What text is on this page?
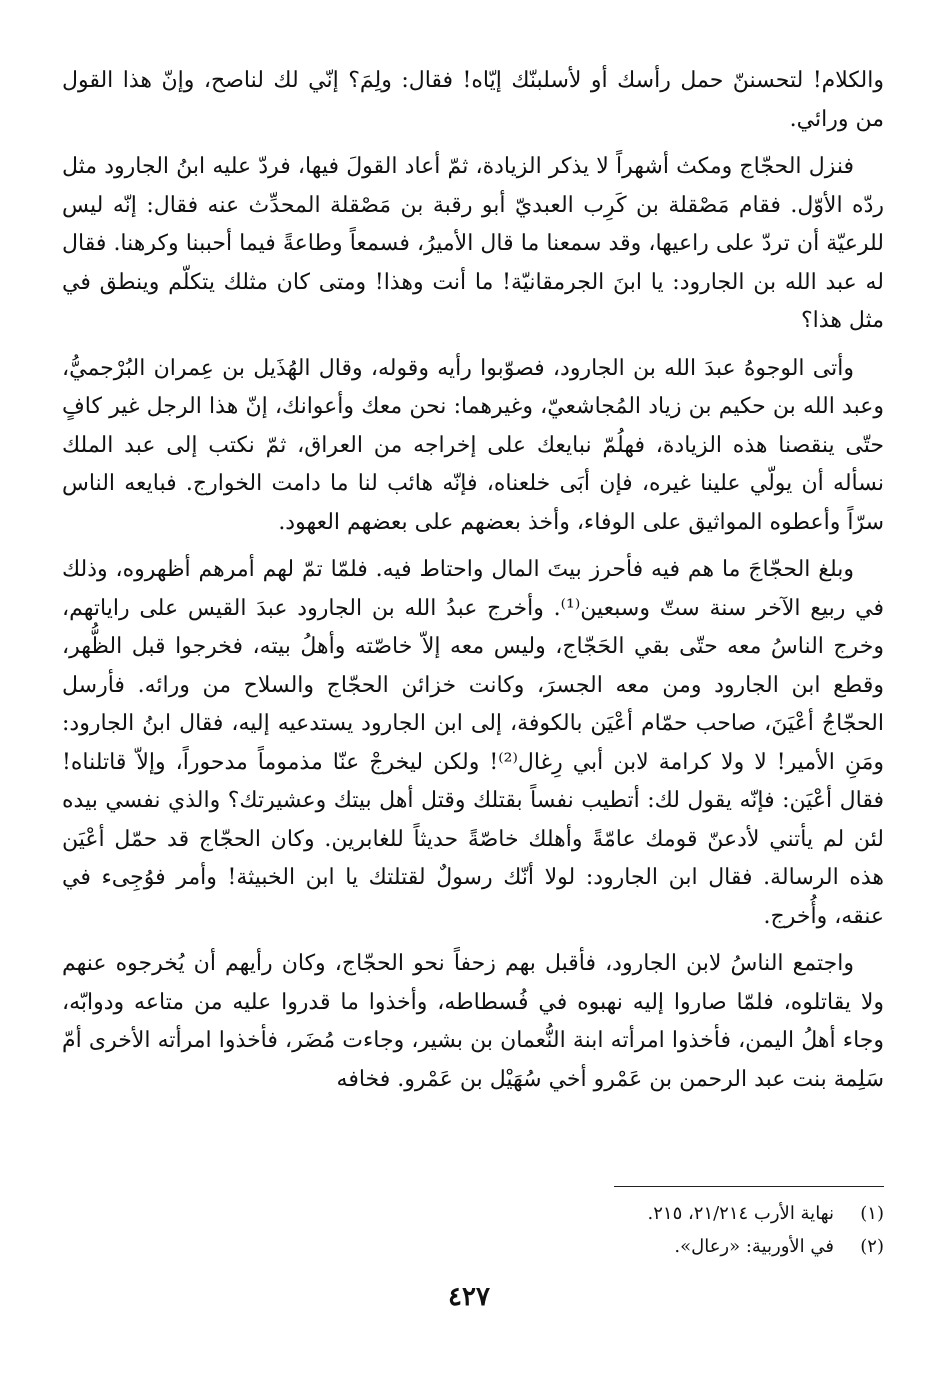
والكلام! لتحسننّ حمل رأسك أو لأسلبنّك إيّاه! فقال: ولِمَ؟ إنّي لك لناصح، وإنّ هذا القول من ورائي.

فنزل الحجّاج ومكث أشهراً لا يذكر الزيادة، ثمّ أعاد القولَ فيها، فردّ عليه ابنُ الجارود مثل ردّه الأوّل. فقام مَصْقلة بن كَرِب العبديّ أبو رقبة بن مَصْقلة المحدِّث عنه فقال: إنّه ليس للرعيّة أن تردّ على راعيها، وقد سمعنا ما قال الأميرُ، فسمعاً وطاعةً فيما أحببنا وكرهنا. فقال له عبد الله بن الجارود: يا ابنَ الجرمقانيّة! ما أنت وهذا! ومتى كان مثلك يتكلّم وينطق في مثل هذا؟

وأتى الوجوهُ عبدَ الله بن الجارود، فصوّبوا رأيه وقوله، وقال الهُذَيل بن عِمران البُرْجميُّ، وعبد الله بن حكيم بن زياد المُجاشعيّ، وغيرهما: نحن معك وأعوانك، إنّ هذا الرجل غير كافٍ حتّى ينقصنا هذه الزيادة، فهلُمّ نبايعك على إخراجه من العراق، ثمّ نكتب إلى عبد الملك نسأله أن يولّي علينا غيره، فإن أبَى خلعناه، فإنّه هائب لنا ما دامت الخوارج. فبايعه الناس سرّاً وأعطوه المواثيق على الوفاء، وأخذ بعضهم على بعضهم العهود.

وبلغ الحجّاجَ ما هم فيه فأحرز بيتَ المال واحتاط فيه. فلمّا تمّ لهم أمرهم أظهروه، وذلك في ربيع الآخر سنة ستّ وسبعين⁽¹⁾. وأخرج عبدُ الله بن الجارود عبدَ القيس على راياتهم، وخرج الناسُ معه حتّى بقي الحَجّاج، وليس معه إلاّ خاصّته وأهلُ بيته، فخرجوا قبل الظُّهر، وقطع ابن الجارود ومن معه الجسرَ، وكانت خزائن الحجّاج والسلاح من ورائه. فأرسل الحجّاجُ أعْيَنَ، صاحب حمّام أعْيَن بالكوفة، إلى ابن الجارود يستدعيه إليه، فقال ابنُ الجارود: ومَنِ الأمير! لا ولا كرامة لابن أبي رِغال⁽²⁾! ولكن ليخرجْ عنّا مذموماً مدحوراً، وإلاّ قاتلناه! فقال أعْيَن: فإنّه يقول لك: أتطيب نفساً بقتلك وقتل أهل بيتك وعشيرتك؟ والذي نفسي بيده لئن لم يأتني لأدعنّ قومك عامّةً وأهلك خاصّةً حديثاً للغابرين. وكان الحجّاج قد حمّل أعْيَن هذه الرسالة. فقال ابن الجارود: لولا أنّك رسولٌ لقتلتك يا ابن الخبيثة! وأمر فوُجِىء في عنقه، وأُخرج.

واجتمع الناسُ لابن الجارود، فأقبل بهم زحفاً نحو الحجّاج، وكان رأيهم أن يُخرجوه عنهم ولا يقاتلوه، فلمّا صاروا إليه نهبوه في فُسطاطه، وأخذوا ما قدروا عليه من متاعه ودوابّه، وجاء أهلُ اليمن، فأخذوا امرأته ابنة النُّعمان بن بشير، وجاءت مُضَر، فأخذوا امرأته الأخرى أمّ سَلِمة بنت عبد الرحمن بن عَمْرو أخي سُهَيْل بن عَمْرو. فخافه

(١)
نهاية الأرب ٢١/٢١٤، ٢١٥.
(٢)
في الأوربية: «رعال».
٤٢٧
